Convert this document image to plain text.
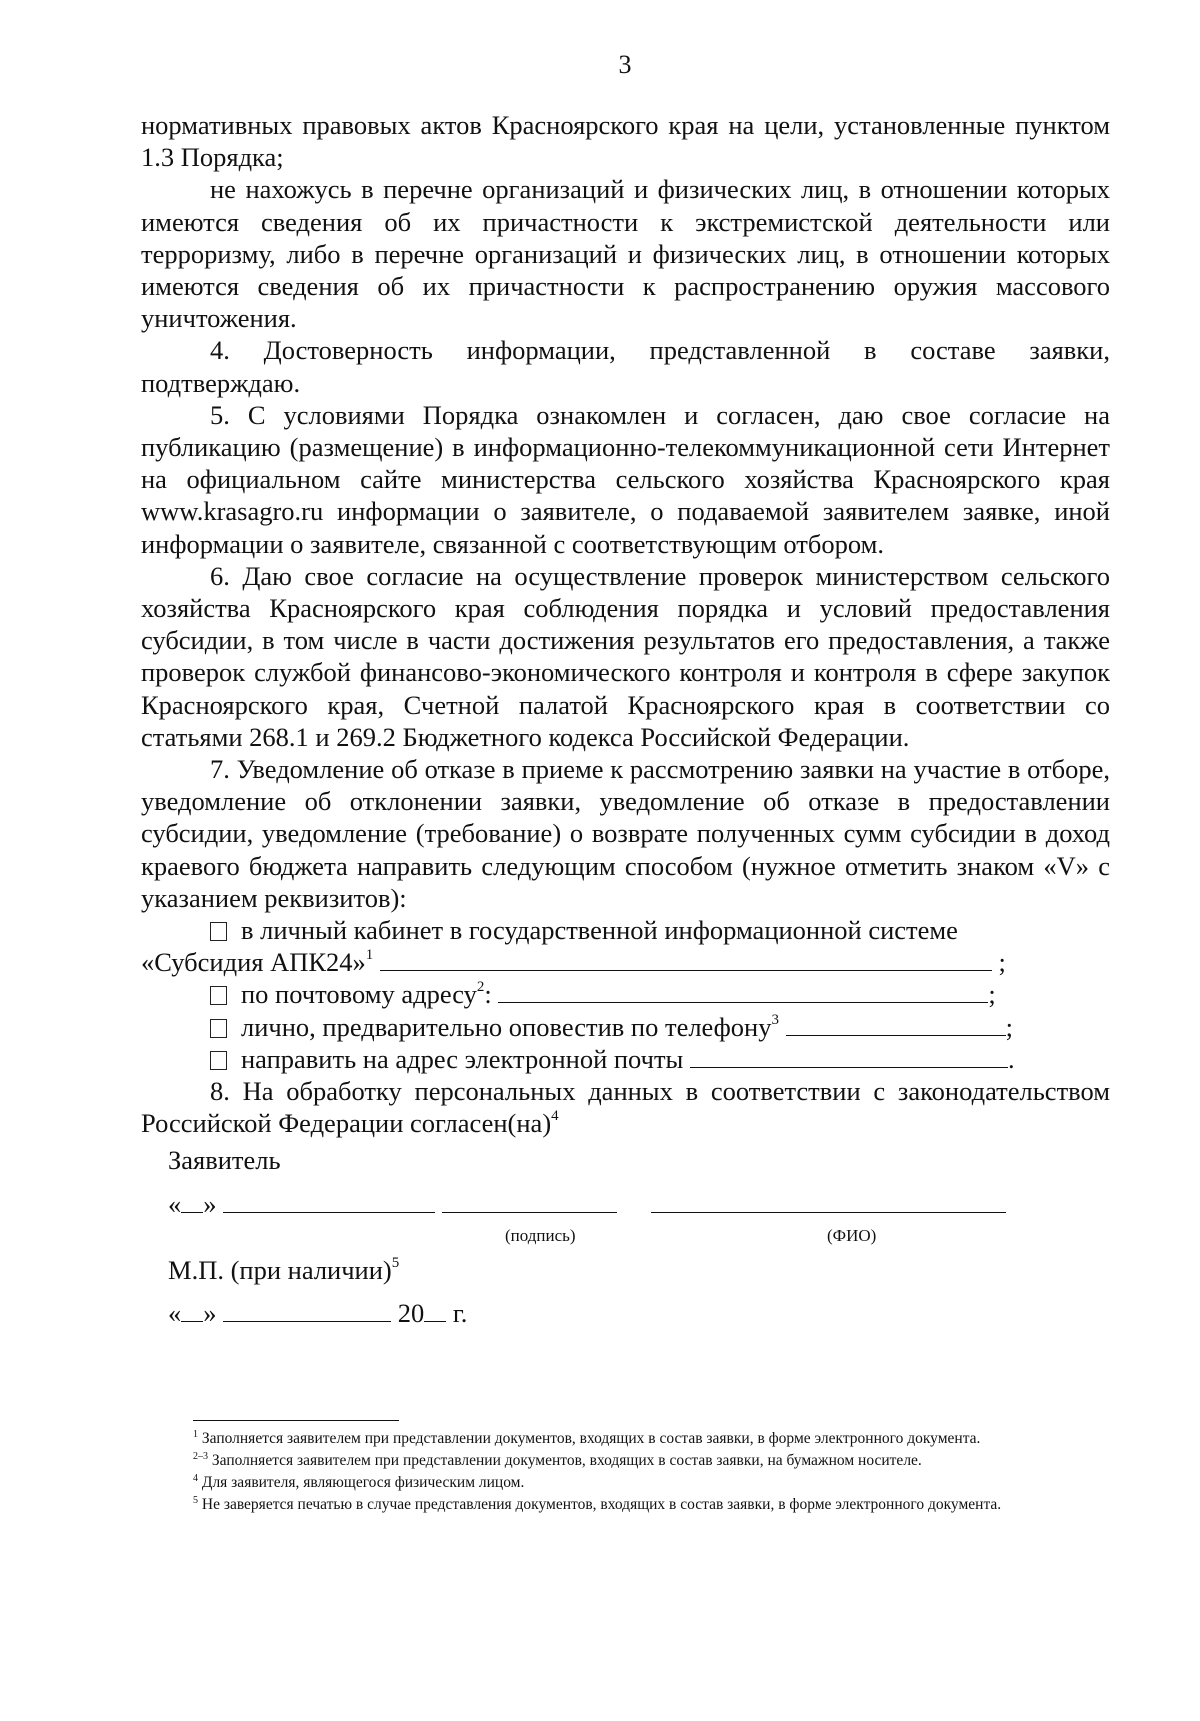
3

нормативных правовых актов Красноярского края на цели, установленные пунктом 1.3 Порядка;

не нахожусь в перечне организаций и физических лиц, в отношении которых имеются сведения об их причастности к экстремистской деятельности или терроризму, либо в перечне организаций и физических лиц, в отношении которых имеются сведения об их причастности к распространению оружия массового уничтожения.

4. Достоверность информации, представленной в составе заявки, подтверждаю.

5. С условиями Порядка ознакомлен и согласен, даю свое согласие на публикацию (размещение) в информационно-телекоммуникационной сети Интернет на официальном сайте министерства сельского хозяйства Красноярского края www.krasagro.ru информации о заявителе, о подаваемой заявителем заявке, иной информации о заявителе, связанной с соответствующим отбором.

6. Даю свое согласие на осуществление проверок министерством сельского хозяйства Красноярского края соблюдения порядка и условий предоставления субсидии, в том числе в части достижения результатов его предоставления, а также проверок службой финансово-экономического контроля и контроля в сфере закупок Красноярского края, Счетной палатой Красноярского края в соответствии со статьями 268.1 и 269.2 Бюджетного кодекса Российской Федерации.

7. Уведомление об отказе в приеме к рассмотрению заявки на участие в отборе, уведомление об отклонении заявки, уведомление об отказе в предоставлении субсидии, уведомление (требование) о возврате полученных сумм субсидии в доход краевого бюджета направить следующим способом (нужное отметить знаком «V» с указанием реквизитов):

в личный кабинет в государственной информационной системе

«Субсидия АПК24»$^1$	;

по почтовому адресу$^2$:	;

лично, предварительно оповестив по телефону$^3$	;

направить на адрес электронной почты	.

8. На обработку персональных данных в соответствии с законодательством Российской Федерации согласен(на)$^4$

Заявитель
« »
(подпись)	(ФИО)
М.П. (при наличии)$^5$
« »	20 г.

$^1$ Заполняется заявителем при представлении документов, входящих в состав заявки, в форме электронного документа.

$^{2-3}$ Заполняется заявителем при представлении документов, входящих в состав заявки, на бумажном носителе.

$^4$ Для заявителя, являющегося физическим лицом.

$^5$ Не заверяется печатью в случае представления документов, входящих в состав заявки, в форме электронного документа.
